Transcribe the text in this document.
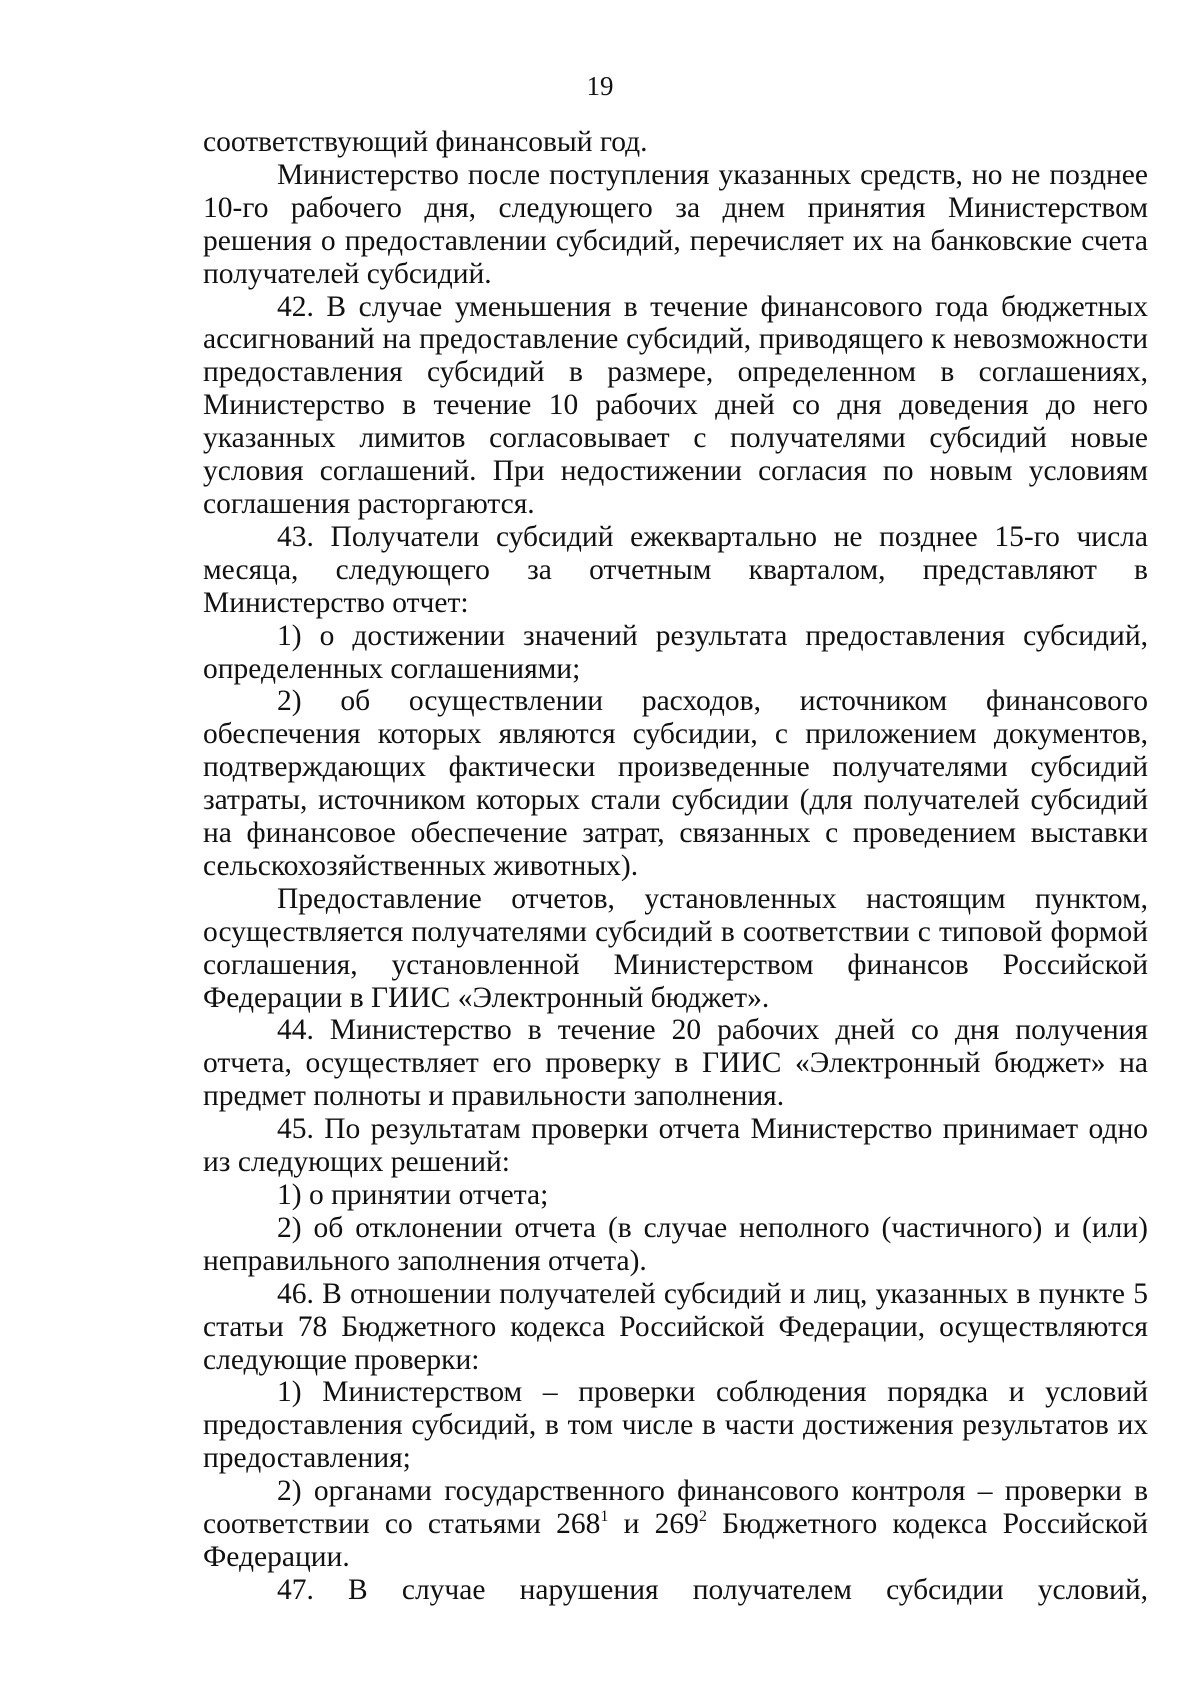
19

соответствующий финансовый год.

Министерство после поступления указанных средств, но не позднее 10-го рабочего дня, следующего за днем принятия Министерством решения о предоставлении субсидий, перечисляет их на банковские счета получателей субсидий.

42. В случае уменьшения в течение финансового года бюджетных ассигнований на предоставление субсидий, приводящего к невозможности предоставления субсидий в размере, определенном в соглашениях, Министерство в течение 10 рабочих дней со дня доведения до него указанных лимитов согласовывает с получателями субсидий новые условия соглашений. При недостижении согласия по новым условиям соглашения расторгаются.

43. Получатели субсидий ежеквартально не позднее 15-го числа месяца, следующего за отчетным кварталом, представляют в Министерство отчет:

1) о достижении значений результата предоставления субсидий, определенных соглашениями;

2) об осуществлении расходов, источником финансового обеспечения которых являются субсидии, с приложением документов, подтверждающих фактически произведенные получателями субсидий затраты, источником которых стали субсидии (для получателей субсидий на финансовое обеспечение затрат, связанных с проведением выставки сельскохозяйственных животных).

Предоставление отчетов, установленных настоящим пунктом, осуществляется получателями субсидий в соответствии с типовой формой соглашения, установленной Министерством финансов Российской Федерации в ГИИС «Электронный бюджет».

44. Министерство в течение 20 рабочих дней со дня получения отчета, осуществляет его проверку в ГИИС «Электронный бюджет» на предмет полноты и правильности заполнения.

45. По результатам проверки отчета Министерство принимает одно из следующих решений:

1) о принятии отчета;

2) об отклонении отчета (в случае неполного (частичного) и (или) неправильного заполнения отчета).

46. В отношении получателей субсидий и лиц, указанных в пункте 5 статьи 78 Бюджетного кодекса Российской Федерации, осуществляются следующие проверки:

1) Министерством – проверки соблюдения порядка и условий предоставления субсидий, в том числе в части достижения результатов их предоставления;

2) органами государственного финансового контроля – проверки в соответствии со статьями $268^1$ и $269^2$ Бюджетного кодекса Российской Федерации.

47. В случае нарушения получателем субсидии условий,
